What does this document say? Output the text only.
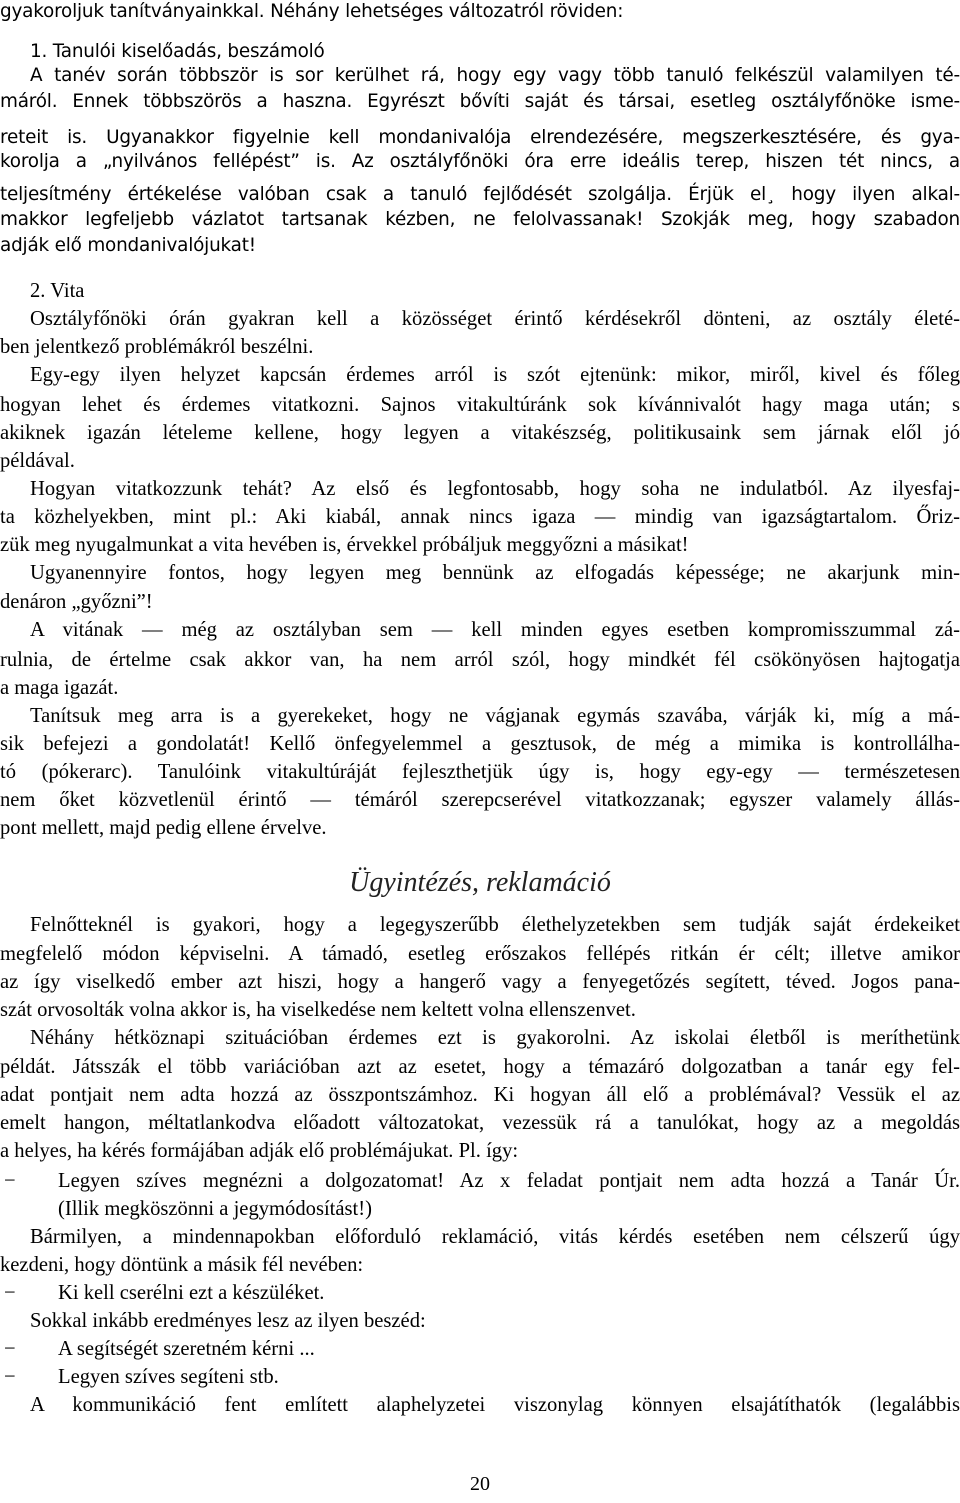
gyakoroljuk tanítványainkkal. Néhány lehetséges változatról röviden:

1. Tanulói kiselőadás, beszámoló

A tanév során többször is sor kerülhet rá, hogy egy vagy több tanuló felkészül valamilyen té-

máról. Ennek többszörös a haszna. Egyrészt bővíti saját és társai, esetleg osztályfőnöke isme-

reteit is. Ugyanakkor figyelnie kell mondanivalója elrendezésére, megszerkesztésére, és gya-

korolja a „nyilvános fellépést” is. Az osztályfőnöki óra erre ideális terep, hiszen tét nincs, a

teljesítmény értékelése valóban csak a tanuló fejlődését szolgálja. Érjük el¸ hogy ilyen alkal-

makkor legfeljebb vázlatot tartsanak kézben, ne felolvassanak! Szokják meg, hogy szabadon

adják elő mondanivalójukat!

2. Vita

Osztályfőnöki órán gyakran kell a közösséget érintő kérdésekről dönteni, az osztály életé-

ben jelentkező problémákról beszélni.

Egy-egy ilyen helyzet kapcsán érdemes arról is szót ejtenünk: mikor, miről, kivel és főleg

hogyan lehet és érdemes vitatkozni. Sajnos vitakultúránk sok kívánnivalót hagy maga után; s

akiknek igazán lételeme kellene, hogy legyen a vitakészség, politikusaink sem járnak elől jó

példával.

Hogyan vitatkozzunk tehát? Az első és legfontosabb, hogy soha ne indulatból. Az ilyesfaj-

ta közhelyekben, mint pl.: Aki kiabál, annak nincs igaza — mindig van igazságtartalom. Őriz-

zük meg nyugalmunkat a vita hevében is, érvekkel próbáljuk meggyőzni a másikat!

Ugyanennyire fontos, hogy legyen meg bennünk az elfogadás képessége; ne akarjunk min-

denáron „győzni”!

A vitának — még az osztályban sem — kell minden egyes esetben kompromisszummal zá-

rulnia, de értelme csak akkor van, ha nem arról szól, hogy mindkét fél csökönyösen hajtogatja

a maga igazát.

Tanítsuk meg arra is a gyerekeket, hogy ne vágjanak egymás szavába, várják ki, míg a má-

sik befejezi a gondolatát! Kellő önfegyelemmel a gesztusok, de még a mimika is kontrollálha-

tó (pókerarc). Tanulóink vitakultúráját fejleszthetjük úgy is, hogy egy-egy — természetesen

nem őket közvetlenül érintő — témáról szerepcserével vitatkozzanak; egyszer valamely állás-

pont mellett, majd pedig ellene érvelve.

Ügyintézés, reklamáció

Felnőtteknél is gyakori, hogy a legegyszerűbb élethelyzetekben sem tudják saját érdekeiket

megfelelő módon képviselni. A támadó, esetleg erőszakos fellépés ritkán ér célt; illetve amikor

az így viselkedő ember azt hiszi, hogy a hangerő vagy a fenyegetőzés segített, téved. Jogos pana-

szát orvosolták volna akkor is, ha viselkedése nem keltett volna ellenszenvet.

Néhány hétköznapi szituációban érdemes ezt is gyakorolni. Az iskolai életből is meríthetünk

példát. Játsszák el több variációban azt az esetet, hogy a témazáró dolgozatban a tanár egy fel-

adat pontjait nem adta hozzá az összpontszámhoz. Ki hogyan áll elő a problémával? Vessük el az

emelt hangon, méltatlankodva előadott változatokat, vezessük rá a tanulókat, hogy az a megoldás

a helyes, ha kérés formájában adják elő problémájukat. Pl. így:

− Legyen szíves megnézni a dolgozatomat! Az x feladat pontjait nem adta hozzá a Tanár Úr.

(Illik megköszönni a jegymódosítást!)

Bármilyen, a mindennapokban előforduló reklamáció, vitás kérdés esetében nem célszerű úgy

kezdeni, hogy döntünk a másik fél nevében:

− Ki kell cserélni ezt a készüléket.

Sokkal inkább eredményes lesz az ilyen beszéd:

− A segítségét szeretném kérni ...

− Legyen szíves segíteni stb.

A kommunikáció fent említett alaphelyzetei viszonylag könnyen elsajátíthatók (legalábbis

20
